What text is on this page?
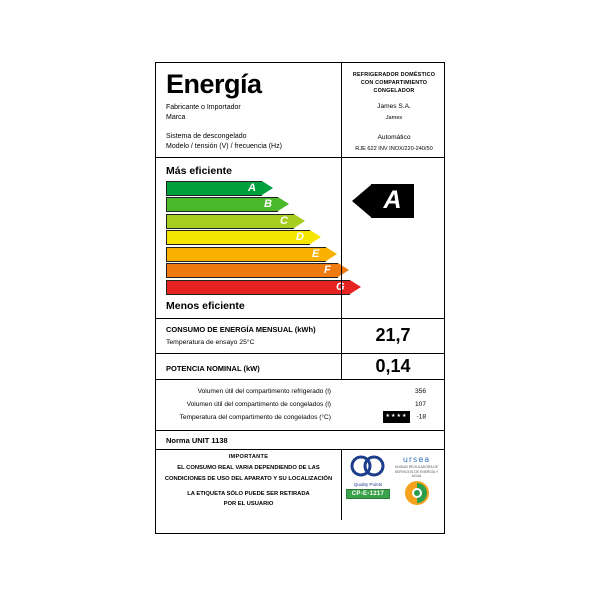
Energía
Fabricante o Importador
Marca
Sistema de descongelado
Modelo / tensión (V) / frecuencia (Hz)
REFRIGERADOR DOMÉSTICO
CON COMPARTIMIENTO
CONGELADOR
James S.A.
James
Automático
RJE 622 INV INOX/220-240/50
Más eficiente
A
B
C
D
E
F
G
Menos eficiente
A
CONSUMO DE ENERGÍA MENSUAL (kWh)
Temperatura de ensayo 25°C	21,7
POTENCIA NOMINAL (kW)	0,14
Volumen útil del compartimento refrigerado (l)	356
Volumen útil del compartimento de congelados (l)	107
Temperatura del compartimento de congelados (°C)	★★★★ -18
Norma UNIT 1138
IMPORTANTE
EL CONSUMO REAL VARIA DEPENDIENDO DE LAS
CONDICIONES DE USO DEL APARATO Y SU LOCALIZACIÓN
LA ETIQUETA SÓLO PUEDE SER RETIRADA
POR EL USUARIO
Quality Points
CP-E-1217
ursea
UNIDAD REGULADORA DE SERVICIOS DE ENERGÍA Y AGUA
